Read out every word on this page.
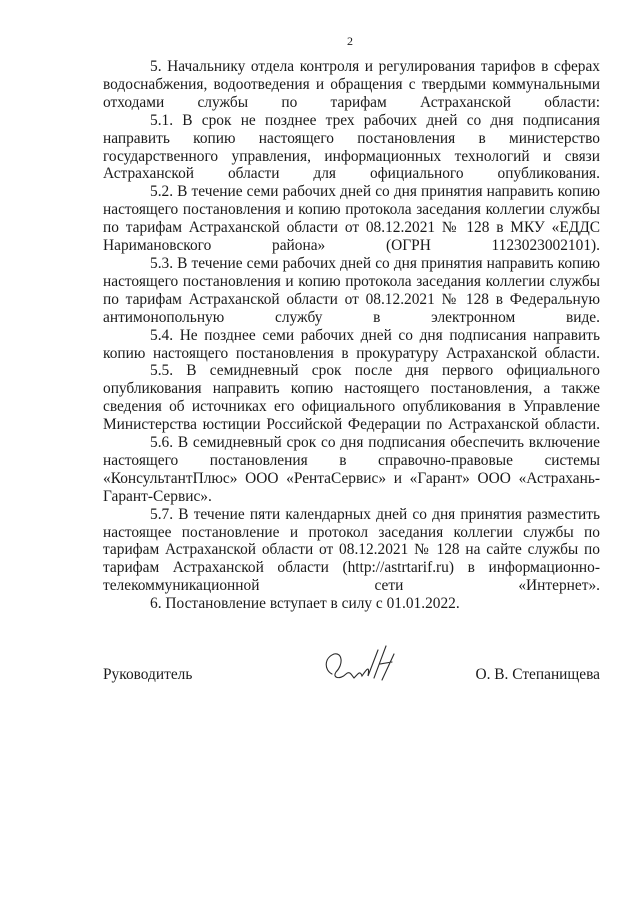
2

5. Начальнику отдела контроля и регулирования тарифов в сферах водоснабжения, водоотведения и обращения с твердыми коммунальными отходами службы по тарифам Астраханской области:

5.1. В срок не позднее трех рабочих дней со дня подписания направить копию настоящего постановления в министерство государственного управления, информационных технологий и связи Астраханской области для официального опубликования.

5.2. В течение семи рабочих дней со дня принятия направить копию настоящего постановления и копию протокола заседания коллегии службы по тарифам Астраханской области от 08.12.2021 № 128 в МКУ «ЕДДС Наримановского района» (ОГРН 1123023002101).

5.3. В течение семи рабочих дней со дня принятия направить копию настоящего постановления и копию протокола заседания коллегии службы по тарифам Астраханской области от 08.12.2021 № 128 в Федеральную антимонопольную службу в электронном виде.

5.4. Не позднее семи рабочих дней со дня подписания направить копию настоящего постановления в прокуратуру Астраханской области.

5.5. В семидневный срок после дня первого официального опубликования направить копию настоящего постановления, а также сведения об источниках его официального опубликования в Управление Министерства юстиции Российской Федерации по Астраханской области.

5.6. В семидневный срок со дня подписания обеспечить включение настоящего постановления в справочно-правовые системы «КонсультантПлюс» ООО «РентаСервис» и «Гарант» ООО «Астрахань-Гарант-Сервис».

5.7. В течение пяти календарных дней со дня принятия разместить настоящее постановление и протокол заседания коллегии службы по тарифам Астраханской области от 08.12.2021 № 128 на сайте службы по тарифам Астраханской области (http://astrtarif.ru) в информационно-телекоммуникационной сети «Интернет».

6. Постановление вступает в силу с 01.01.2022.

Руководитель	О. В. Степанищева
